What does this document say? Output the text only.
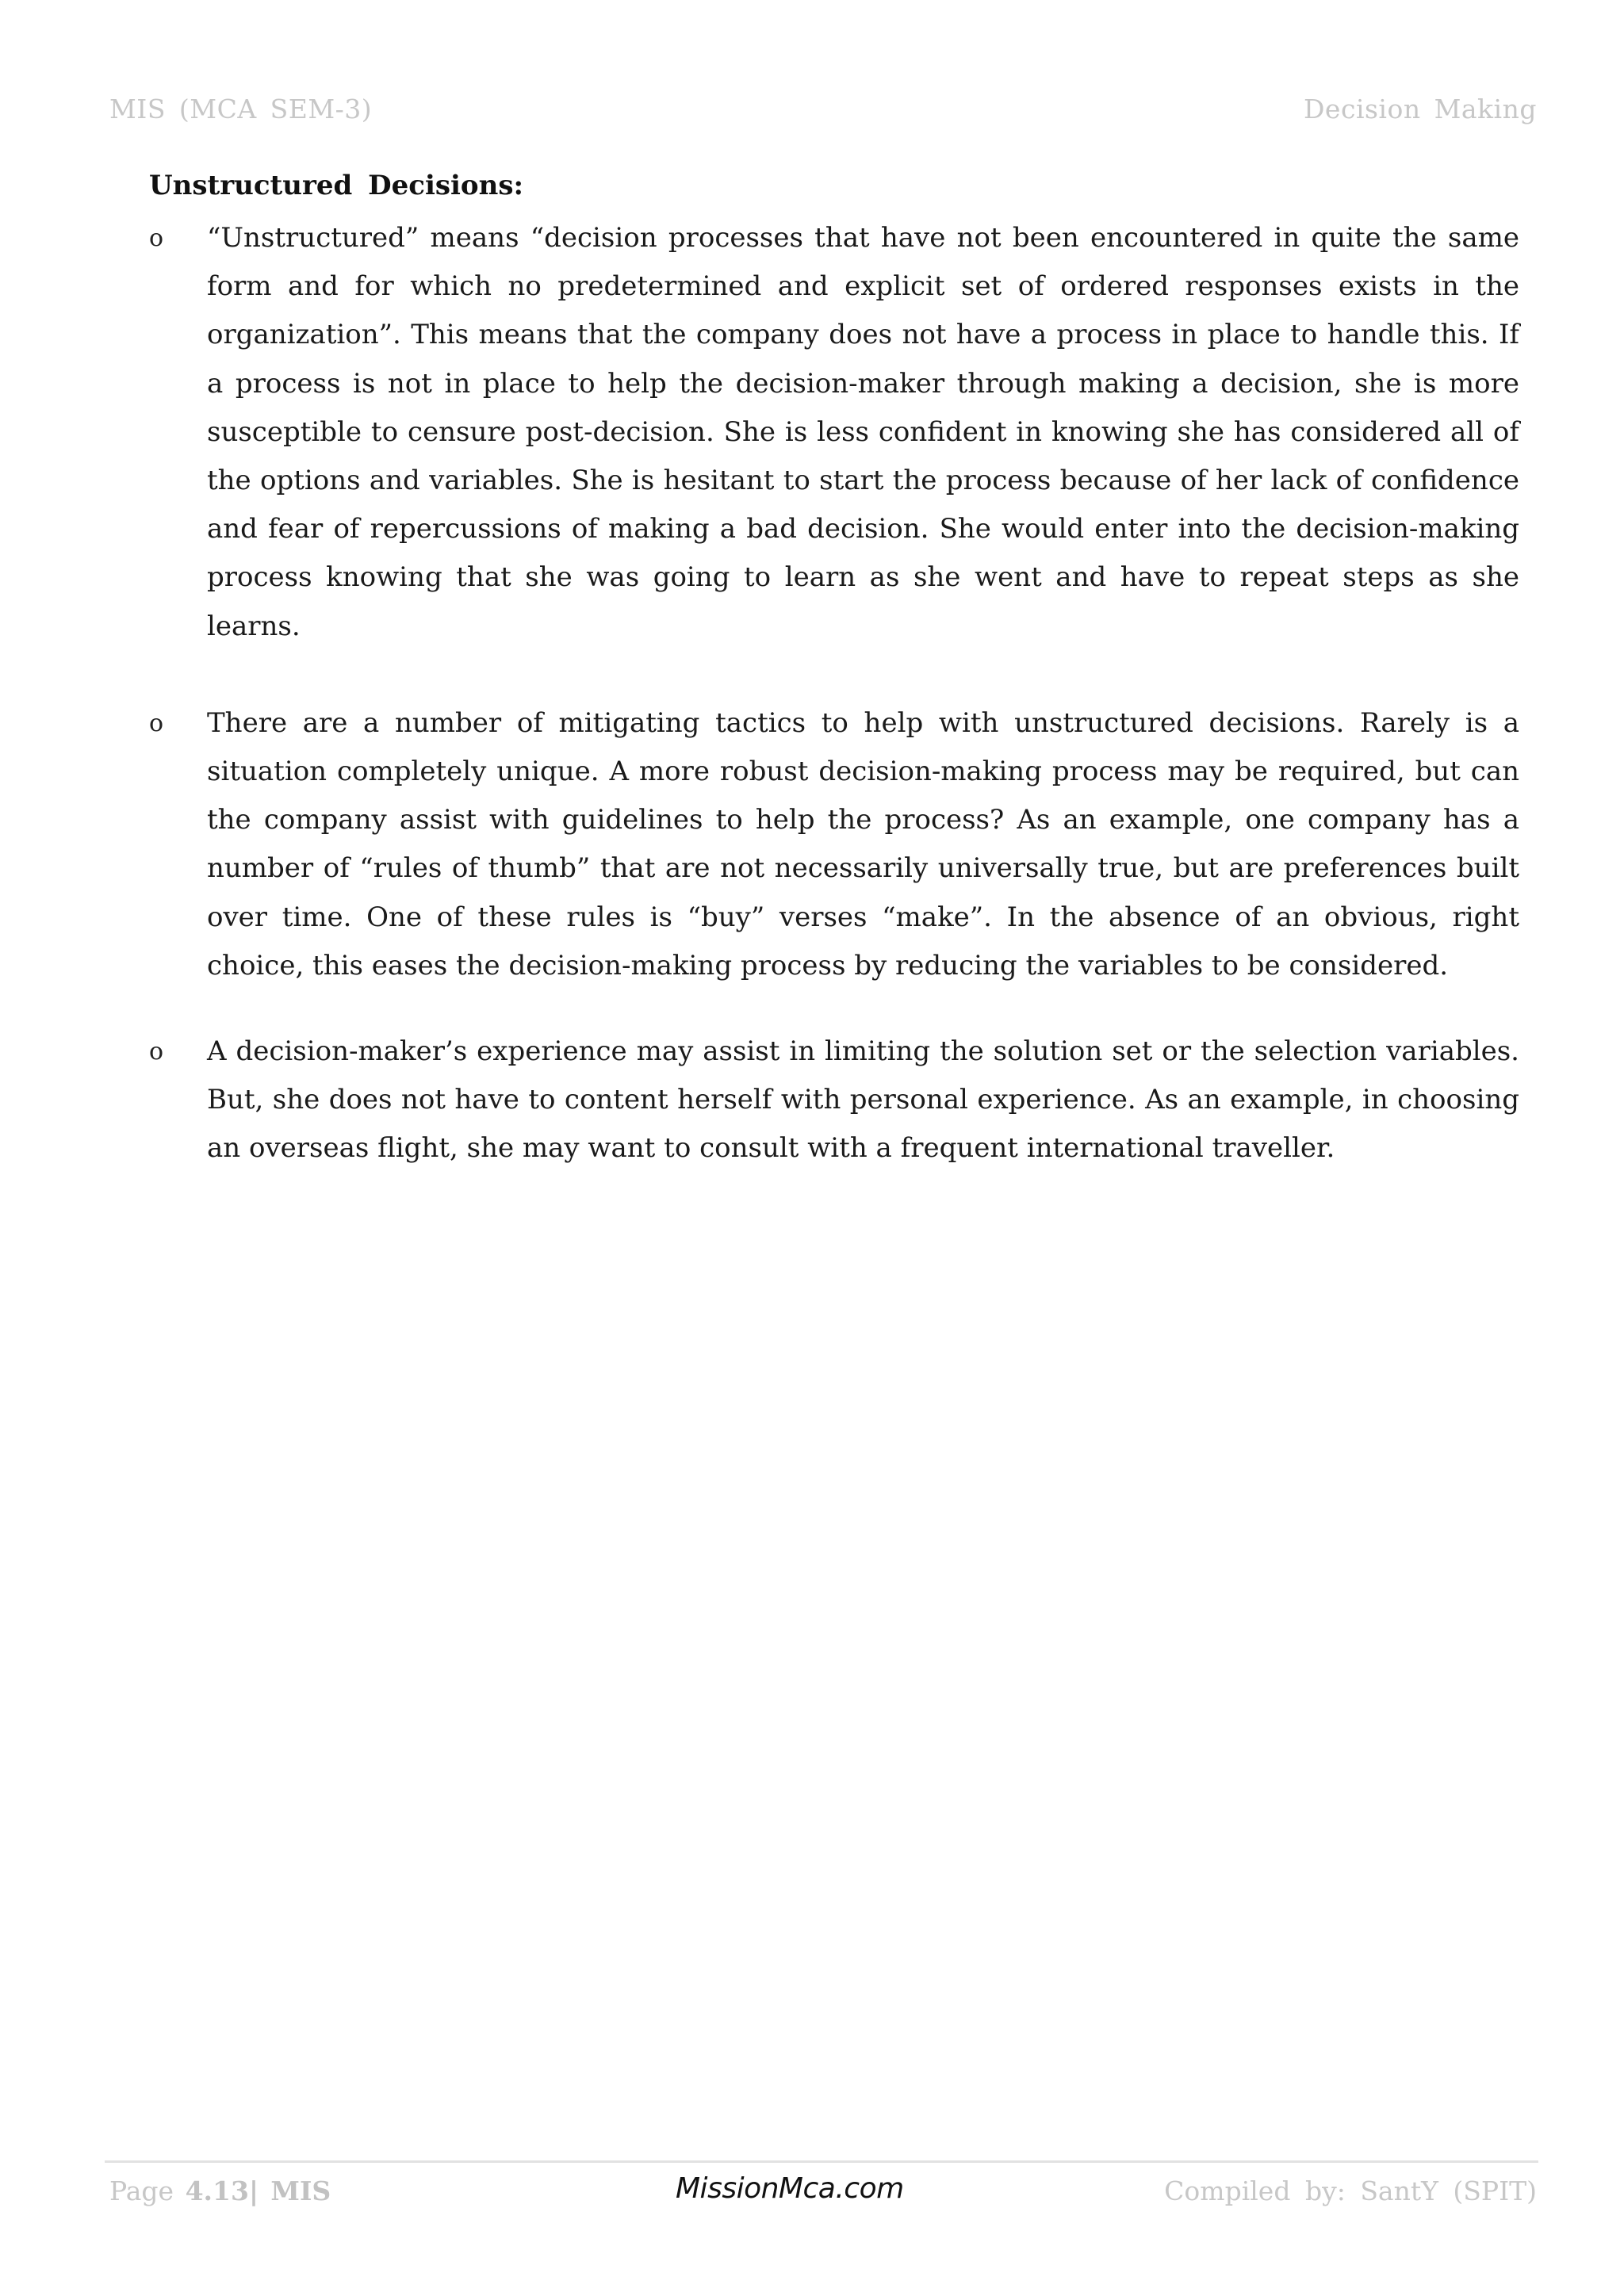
MIS (MCA SEM-3)	Decision Making
Unstructured Decisions:
o “Unstructured” means “decision processes that have not been encountered in quite the same form and for which no predetermined and explicit set of ordered responses exists in the organization”. This means that the company does not have a process in place to handle this. If a process is not in place to help the decision-maker through making a decision, she is more susceptible to censure post-decision. She is less confident in knowing she has considered all of the options and variables. She is hesitant to start the process because of her lack of confidence and fear of repercussions of making a bad decision. She would enter into the decision-making process knowing that she was going to learn as she went and have to repeat steps as she learns.
o There are a number of mitigating tactics to help with unstructured decisions. Rarely is a situation completely unique. A more robust decision-making process may be required, but can the company assist with guidelines to help the process? As an example, one company has a number of “rules of thumb” that are not necessarily universally true, but are preferences built over time. One of these rules is “buy” verses “make”. In the absence of an obvious, right choice, this eases the decision-making process by reducing the variables to be considered.
o A decision-maker’s experience may assist in limiting the solution set or the selection variables. But, she does not have to content herself with personal experience. As an example, in choosing an overseas flight, she may want to consult with a frequent international traveller.
Page 4.13| MIS	MissionMca.com	Compiled by: SantY (SPIT)
